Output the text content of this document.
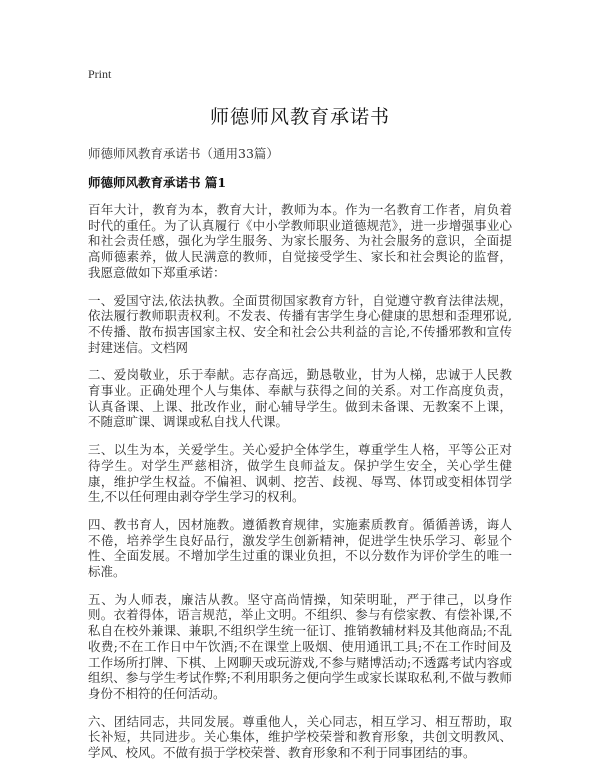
Print
师德师风教育承诺书
师德师风教育承诺书（通用33篇）
师德师风教育承诺书 篇1

百年大计，教育为本，教育大计，教师为本。作为一名教育工作者，肩负着时代的重任。为了认真履行《中小学教师职业道德规范》，进一步增强事业心和社会责任感，强化为学生服务、为家长服务、为社会服务的意识，全面提高师德素养，做人民满意的教师，自觉接受学生、家长和社会舆论的监督，我愿意做如下郑重承诺：

一、爱国守法,依法执教。全面贯彻国家教育方针，自觉遵守教育法律法规，依法履行教师职责权利。不发表、传播有害学生身心健康的思想和歪理邪说,不传播、散布损害国家主权、安全和社会公共利益的言论,不传播邪教和宣传封建迷信。文档网

二、爱岗敬业，乐于奉献。志存高远，勤恳敬业，甘为人梯，忠诚于人民教育事业。正确处理个人与集体、奉献与获得之间的关系。对工作高度负责，认真备课、上课、批改作业，耐心辅导学生。做到未备课、无教案不上课，不随意旷课、调课或私自找人代课。

三、以生为本，关爱学生。关心爱护全体学生，尊重学生人格，平等公正对待学生。对学生严慈相济，做学生良师益友。保护学生安全，关心学生健康，维护学生权益。不偏袒、讽刺、挖苦、歧视、辱骂、体罚或变相体罚学生,不以任何理由剥夺学生学习的权利。

四、教书育人，因材施教。遵循教育规律，实施素质教育。循循善诱，诲人不倦，培养学生良好品行，激发学生创新精神，促进学生快乐学习、彰显个性、全面发展。不增加学生过重的课业负担，不以分数作为评价学生的唯一标准。

五、为人师表，廉洁从教。坚守高尚情操，知荣明耻，严于律己，以身作则。衣着得体，语言规范，举止文明。不组织、参与有偿家教、有偿补课,不私自在校外兼课、兼职,不组织学生统一征订、推销教辅材料及其他商品;不乱收费;不在工作日中午饮酒;不在课堂上吸烟、使用通讯工具;不在工作时间及工作场所打牌、下棋、上网聊天或玩游戏,不参与赌博活动;不透露考试内容或组织、参与学生考试作弊;不利用职务之便向学生或家长谋取私利,不做与教师身份不相符的任何活动。

六、团结同志，共同发展。尊重他人，关心同志，相互学习、相互帮助，取长补短，共同进步。关心集体，维护学校荣誉和教育形象，共创文明教风、学风、校风。不做有损于学校荣誉、教育形象和不利于同事团结的事。
